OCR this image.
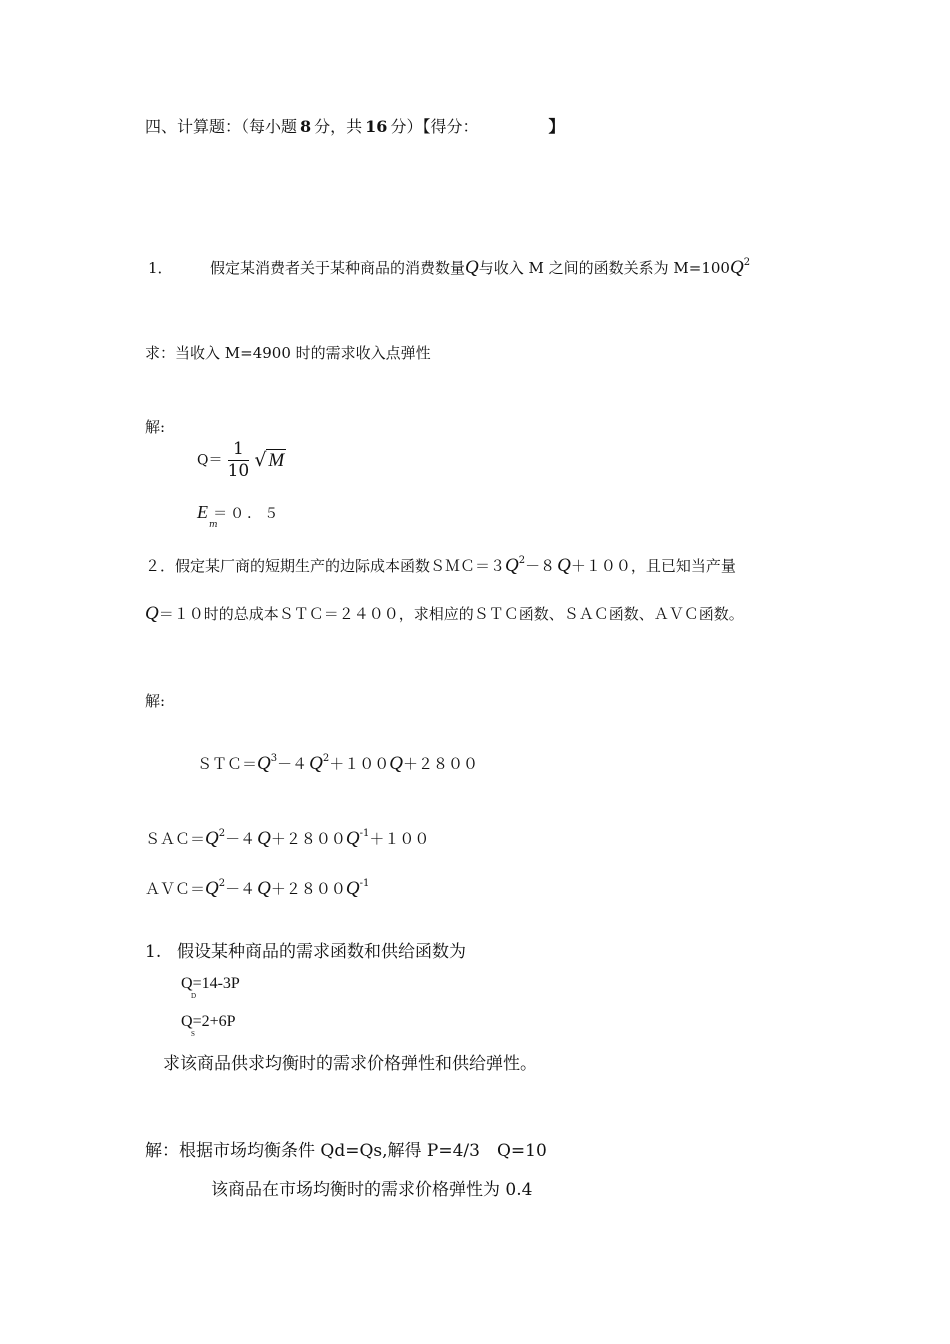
四、计算题：（每小题 8 分，共 16 分）【得分：	】
1． 假定某消费者关于某种商品的消费数量Q与收入 M 之间的函数关系为 $M=100Q^2$
求：当收入 M=4900 时的需求收入点弹性
解:
$Q= \frac{1}{10}$ √ M
E ＝０．５
m
２．假定某厂商的短期生产的边际成本函数$SMC=3Q^2-8$ Q＋１００，且已知当产量
Q＝１０时的总成本ＳＴＣ＝２４００，求相应的ＳＴＣ函数、ＳＡＣ函数、ＡＶＣ函数。
解:
$STC=Q^3-4$ $Q^2+100Q+2800$
$SAC=Q^2-4$ $Q+2800Q^{-1}+100$
$AVC=Q^2-4$ $Q+2800Q^{-1}$
1. 假设某种商品的需求函数和供给函数为
Q=14-3P
D
Q=2+6P
S
求该商品供求均衡时的需求价格弹性和供给弹性。
解：根据市场均衡条件 Qd=Qs,解得 P=4/3　Q=10
该商品在市场均衡时的需求价格弹性为 0.4
